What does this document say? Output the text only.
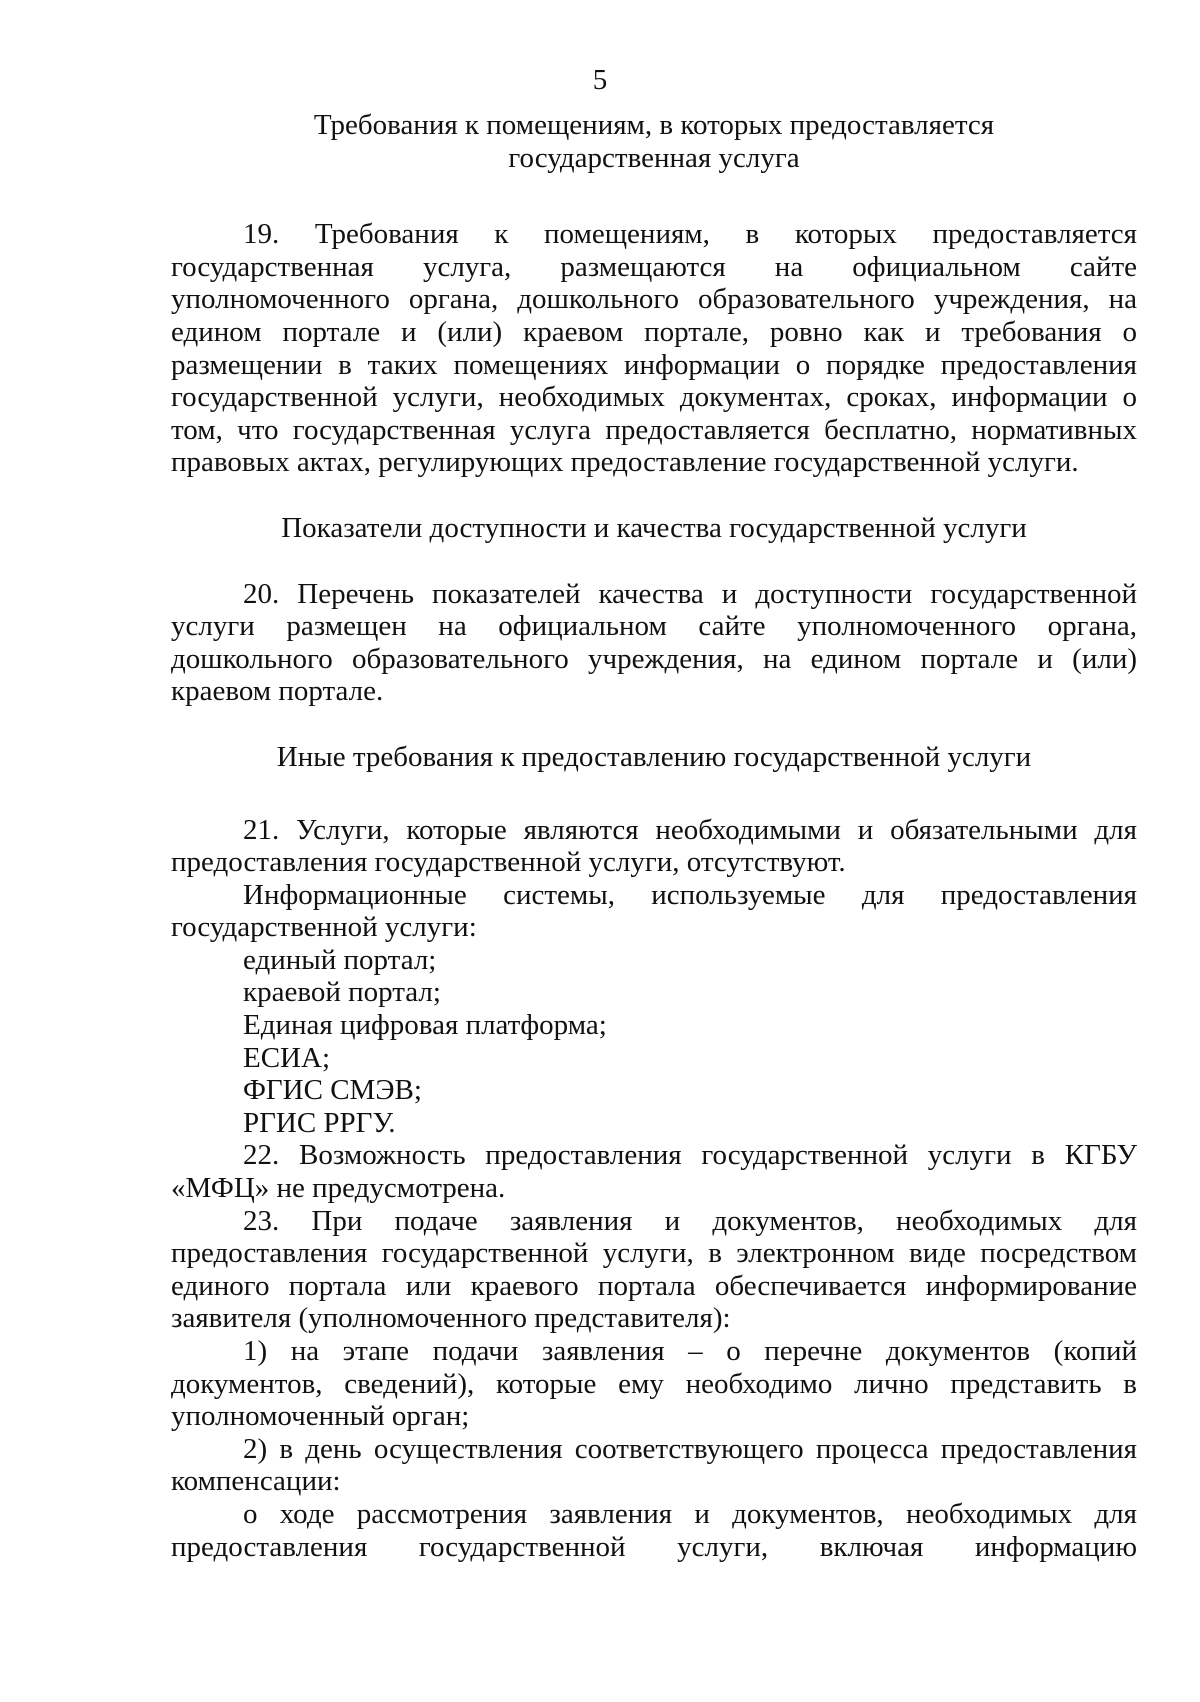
5
Требования к помещениям, в которых предоставляется
государственная услуга

19. Требования к помещениям, в которых предоставляется государственная услуга, размещаются на официальном сайте уполномоченного органа, дошкольного образовательного учреждения, на едином портале и (или) краевом портале, ровно как и требования о размещении в таких помещениях информации о порядке предоставления государственной услуги, необходимых документах, сроках, информации о том, что государственная услуга предоставляется бесплатно, нормативных правовых актах, регулирующих предоставление государственной услуги.

Показатели доступности и качества государственной услуги

20. Перечень показателей качества и доступности государственной услуги размещен на официальном сайте уполномоченного органа, дошкольного образовательного учреждения, на едином портале и (или) краевом портале.

Иные требования к предоставлению государственной услуги

21. Услуги, которые являются необходимыми и обязательными для предоставления государственной услуги, отсутствуют.

Информационные системы, используемые для предоставления государственной услуги:

единый портал;
краевой портал;
Единая цифровая платформа;
ЕСИА;
ФГИС СМЭВ;
РГИС РРГУ.

22. Возможность предоставления государственной услуги в КГБУ «МФЦ» не предусмотрена.

23. При подаче заявления и документов, необходимых для предоставления государственной услуги, в электронном виде посредством единого портала или краевого портала обеспечивается информирование заявителя (уполномоченного представителя):

1) на этапе подачи заявления – о перечне документов (копий документов, сведений), которые ему необходимо лично представить в уполномоченный орган;

2) в день осуществления соответствующего процесса предоставления компенсации:

о ходе рассмотрения заявления и документов, необходимых для предоставления государственной услуги, включая информацию
